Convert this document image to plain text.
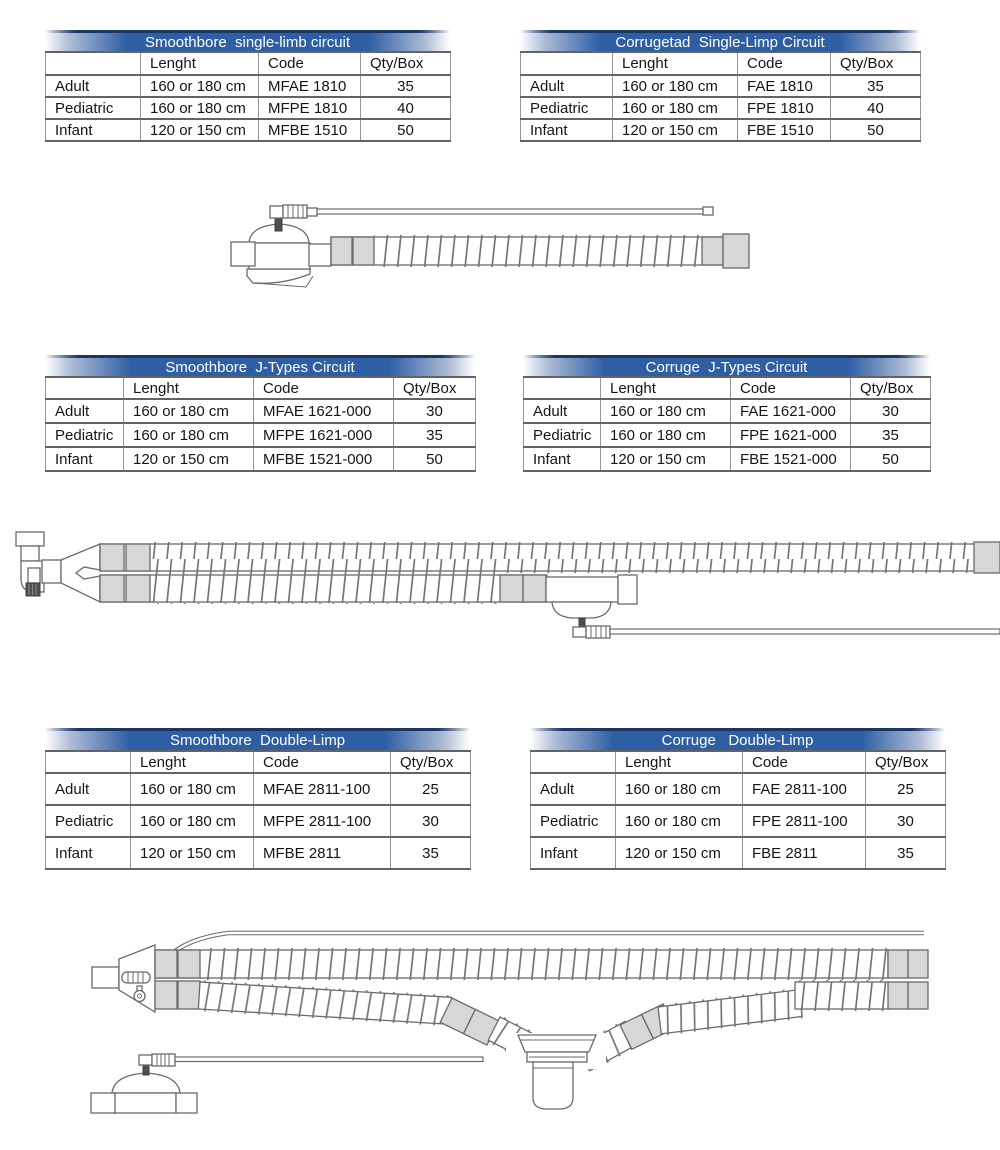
Smoothbore  single-limb circuit
	Lenght	Code	Qty/Box
Adult	160 or 180 cm	MFAE 1810	35
Pediatric	160 or 180 cm	MFPE 1810	40
Infant	120 or 150 cm	MFBE 1510	50
Corrugetad  Single-Limp Circuit
	Lenght	Code	Qty/Box
Adult	160 or 180 cm	FAE 1810	35
Pediatric	160 or 180 cm	FPE 1810	40
Infant	120 or 150 cm	FBE 1510	50
Smoothbore  J-Types Circuit
	Lenght	Code	Qty/Box
Adult	160 or 180 cm	MFAE 1621-000	30
Pediatric	160 or 180 cm	MFPE 1621-000	35
Infant	120 or 150 cm	MFBE 1521-000	50
Corruge  J-Types Circuit
	Lenght	Code	Qty/Box
Adult	160 or 180 cm	FAE 1621-000	30
Pediatric	160 or 180 cm	FPE 1621-000	35
Infant	120 or 150 cm	FBE 1521-000	50
Smoothbore  Double-Limp
	Lenght	Code	Qty/Box
Adult	160 or 180 cm	MFAE 2811-100	25
Pediatric	160 or 180 cm	MFPE 2811-100	30
Infant	120 or 150 cm	MFBE 2811	35
Corruge   Double-Limp
	Lenght	Code	Qty/Box
Adult	160 or 180 cm	FAE 2811-100	25
Pediatric	160 or 180 cm	FPE 2811-100	30
Infant	120 or 150 cm	FBE 2811	35
